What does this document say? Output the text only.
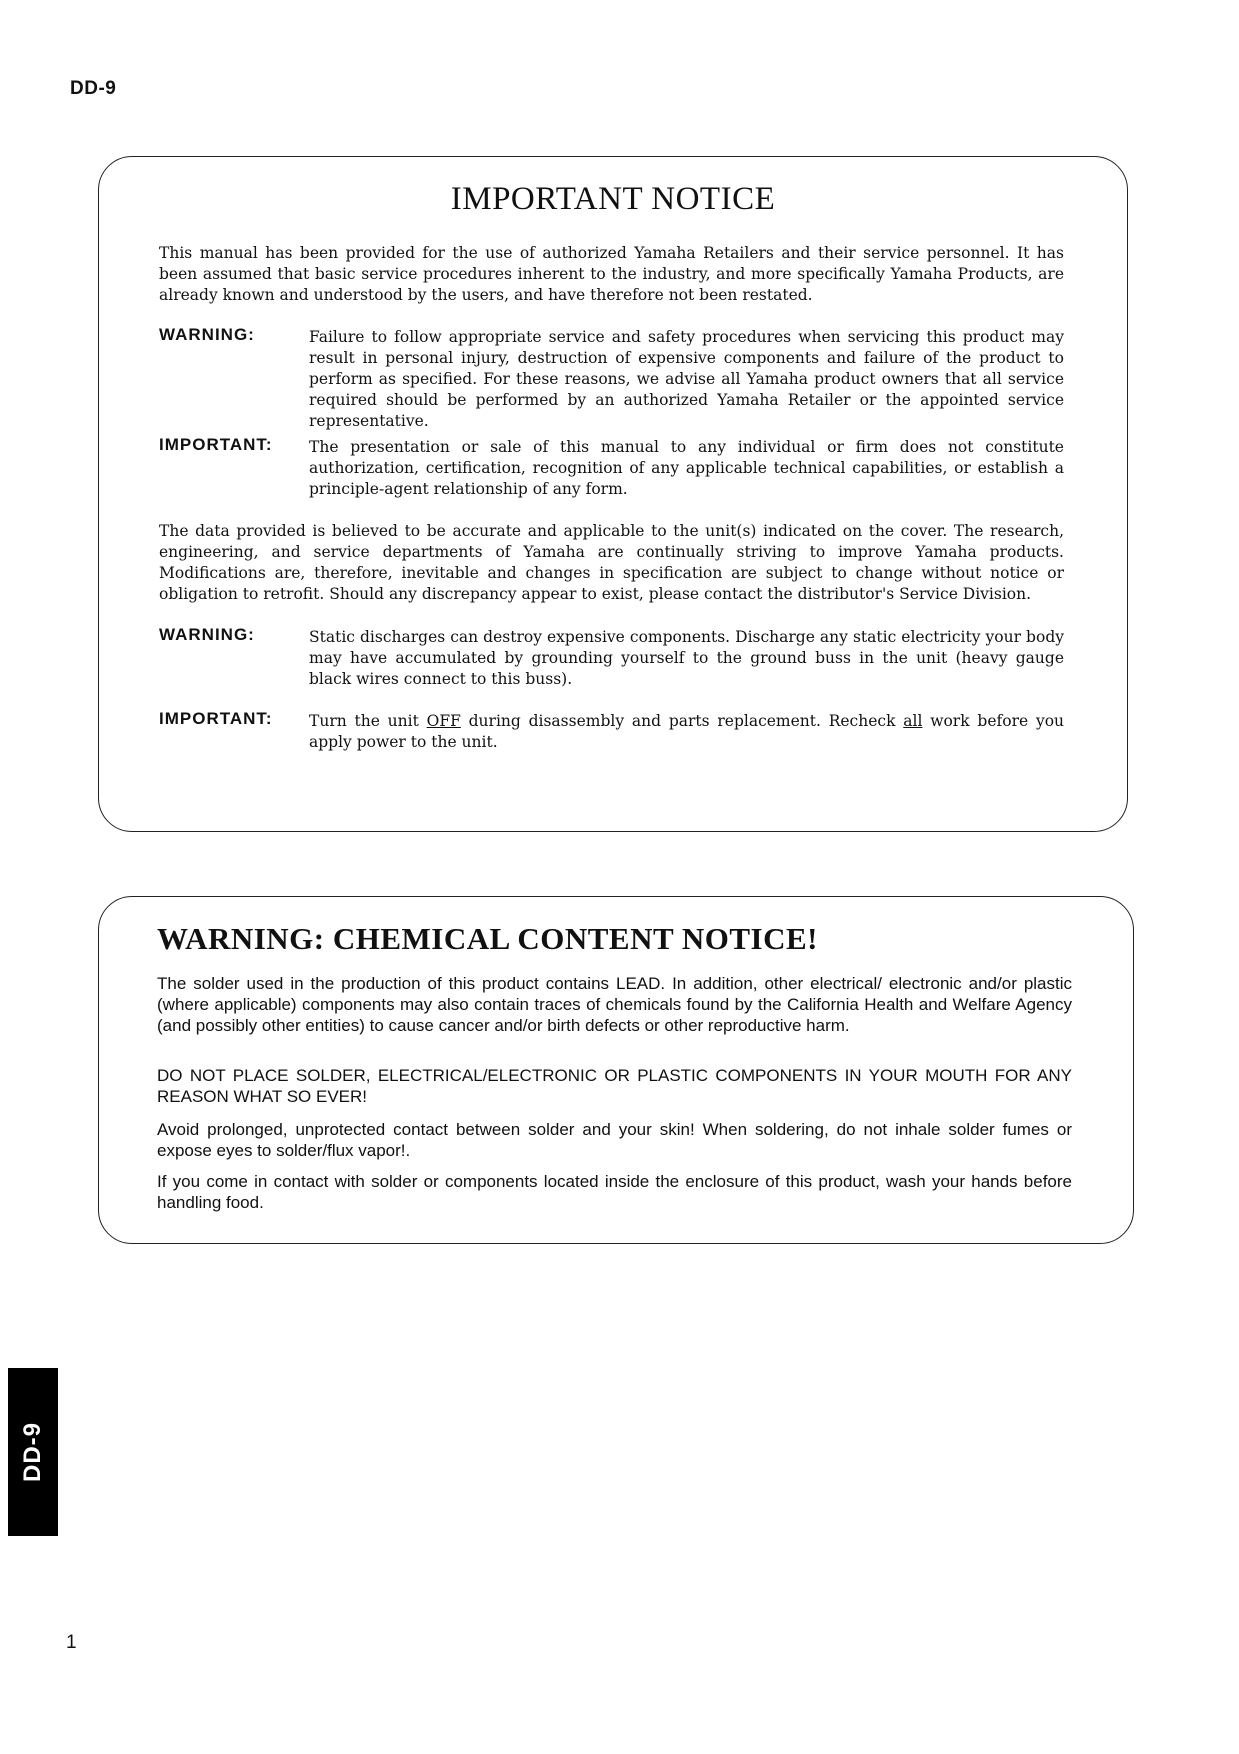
DD-9
IMPORTANT NOTICE

This manual has been provided for the use of authorized Yamaha Retailers and their service personnel. It has been assumed that basic service procedures inherent to the industry, and more specifically Yamaha Products, are already known and understood by the users, and have therefore not been restated.

WARNING:	Failure to follow appropriate service and safety procedures when servicing this product may result in personal injury, destruction of expensive components and failure of the product to perform as specified. For these reasons, we advise all Yamaha product owners that all service required should be performed by an authorized Yamaha Retailer or the appointed service representative.

IMPORTANT: The presentation or sale of this manual to any individual or firm does not constitute authorization, certification, recognition of any applicable technical capabilities, or establish a principle-agent relationship of any form.

The data provided is believed to be accurate and applicable to the unit(s) indicated on the cover. The research, engineering, and service departments of Yamaha are continually striving to improve Yamaha products. Modifications are, therefore, inevitable and changes in specification are subject to change without notice or obligation to retrofit. Should any discrepancy appear to exist, please contact the distributor's Service Division.

WARNING:	Static discharges can destroy expensive components. Discharge any static electricity your body may have accumulated by grounding yourself to the ground buss in the unit (heavy gauge black wires connect to this buss).

IMPORTANT: Turn the unit OFF during disassembly and parts replacement. Recheck all work before you apply power to the unit.

WARNING: CHEMICAL CONTENT NOTICE!

The solder used in the production of this product contains LEAD. In addition, other electrical/ electronic and/or plastic (where applicable) components may also contain traces of chemicals found by the California Health and Welfare Agency (and possibly other entities) to cause cancer and/or birth defects or other reproductive harm.

DO NOT PLACE SOLDER, ELECTRICAL/ELECTRONIC OR PLASTIC COMPONENTS IN YOUR MOUTH FOR ANY REASON WHAT SO EVER!

Avoid prolonged, unprotected contact between solder and your skin! When soldering, do not inhale solder fumes or expose eyes to solder/flux vapor!.

If you come in contact with solder or components located inside the enclosure of this product, wash your hands before handling food.

DD-9
1
